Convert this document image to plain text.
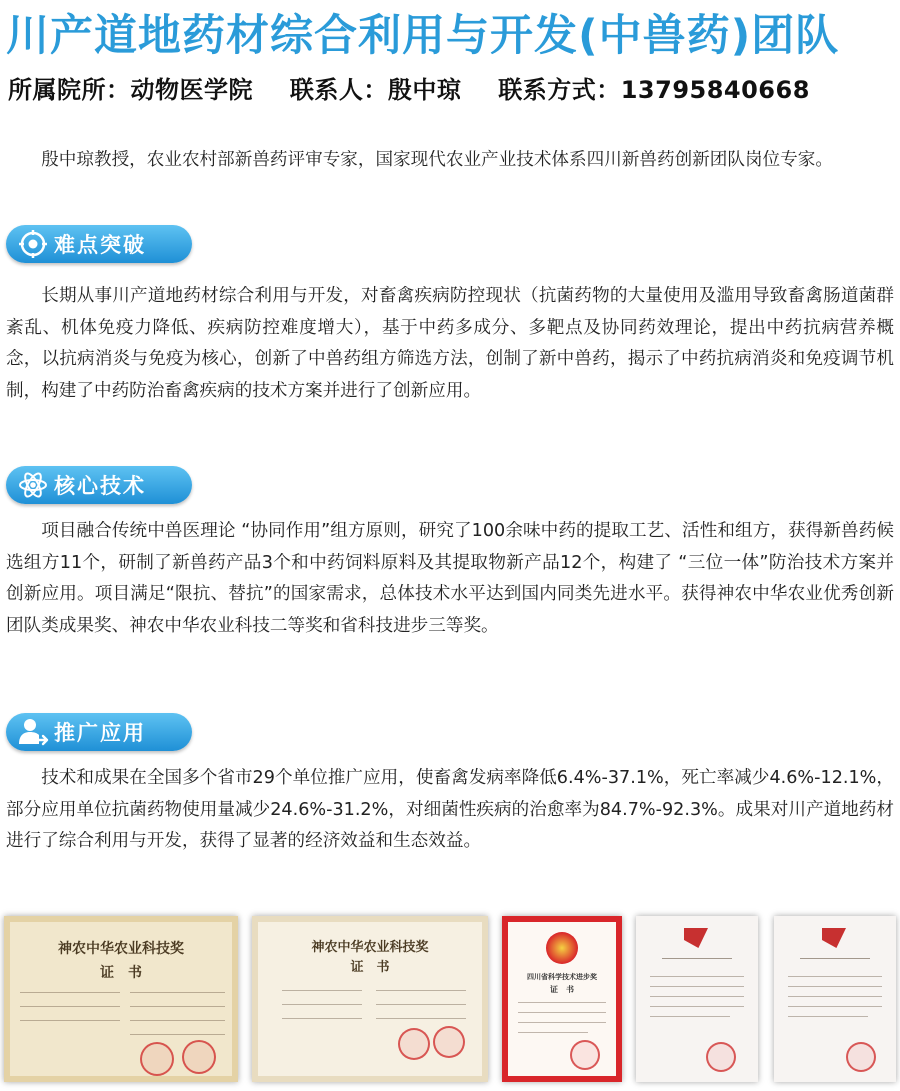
川产道地药材综合利用与开发(中兽药)团队
所属院所：动物医学院 联系人：殷中琼 联系方式：13795840668
殷中琼教授，农业农村部新兽药评审专家，国家现代农业产业技术体系四川新兽药创新团队岗位专家。
难点突破
长期从事川产道地药材综合利用与开发，对畜禽疾病防控现状（抗菌药物的大量使用及滥用导致畜禽肠道菌群紊乱、机体免疫力降低、疾病防控难度增大），基于中药多成分、多靶点及协同药效理论，提出中药抗病营养概念，以抗病消炎与免疫为核心，创新了中兽药组方筛选方法，创制了新中兽药，揭示了中药抗病消炎和免疫调节机制，构建了中药防治畜禽疾病的技术方案并进行了创新应用。
核心技术
项目融合传统中兽医理论 “协同作用”组方原则，研究了100余味中药的提取工艺、活性和组方，获得新兽药候选组方11个，研制了新兽药产品3个和中药饲料原料及其提取物新产品12个，构建了 “三位一体”防治技术方案并创新应用。项目满足“限抗、替抗”的国家需求，总体技术水平达到国内同类先进水平。获得神农中华农业优秀创新团队类成果奖、神农中华农业科技二等奖和省科技进步三等奖。
推广应用
技术和成果在全国多个省市29个单位推广应用，使畜禽发病率降低6.4%-37.1%，死亡率减少4.6%-12.1%，部分应用单位抗菌药物使用量减少24.6%-31.2%，对细菌性疾病的治愈率为84.7%-92.3%。成果对川产道地药材进行了综合利用与开发，获得了显著的经济效益和生态效益。
神农中华农业科技奖
证　书
神农中华农业科技奖
证　书
四川省科学技术进步奖
证　书
